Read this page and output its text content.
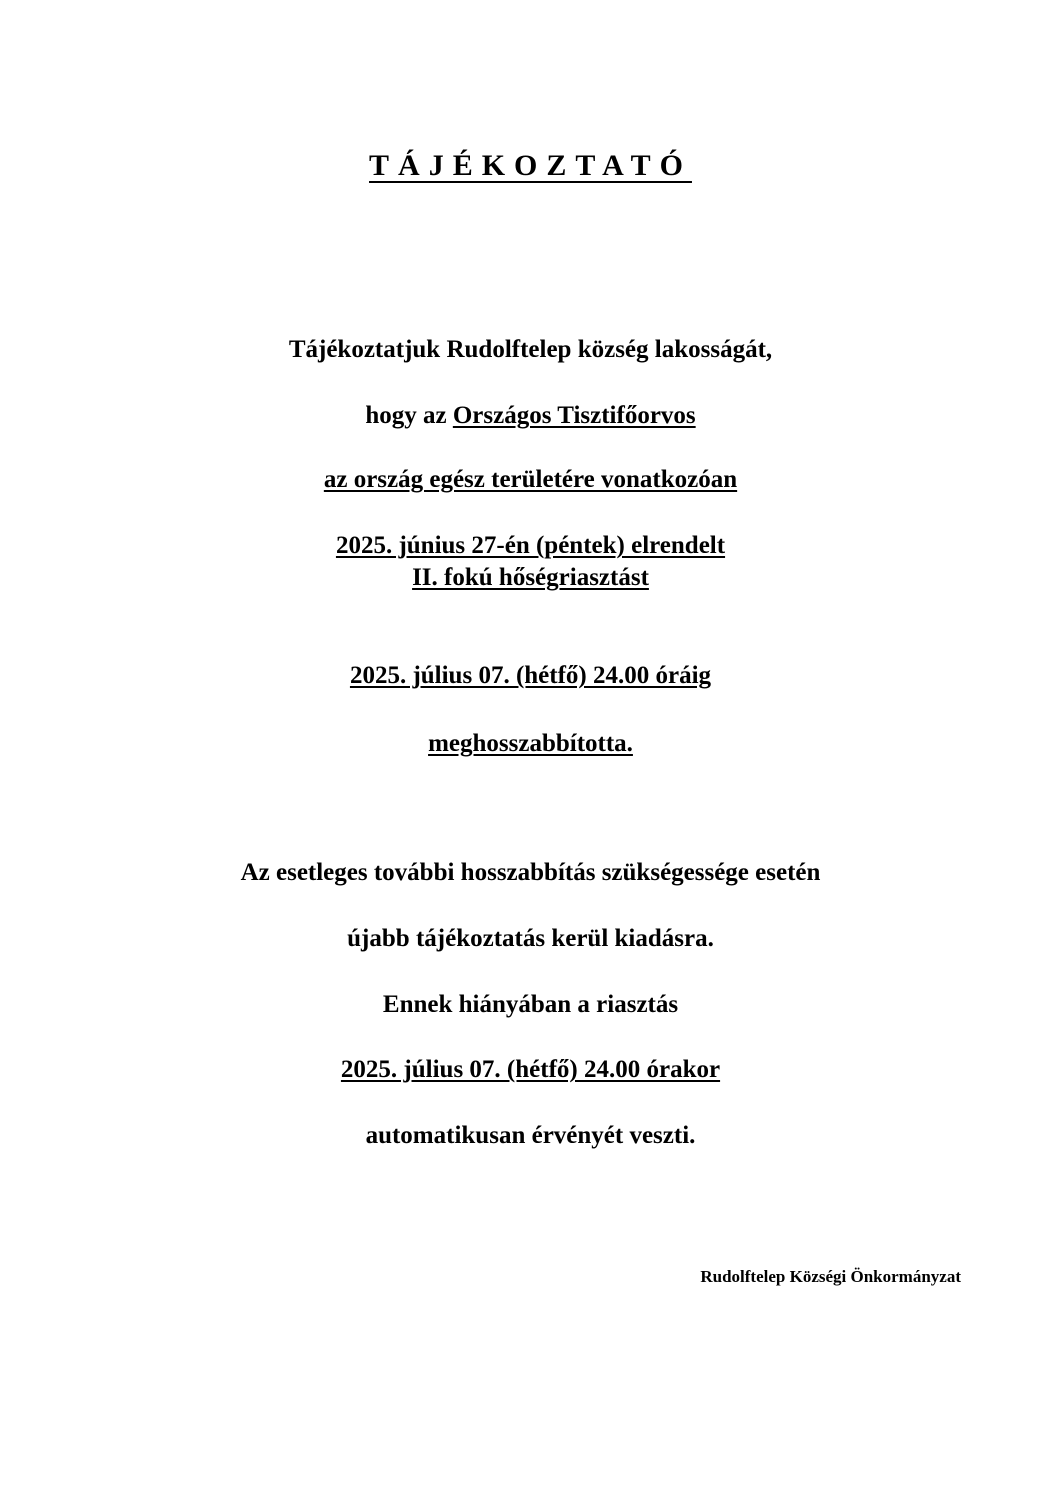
TÁJÉKOZTATÓ
Tájékoztatjuk Rudolftelep község lakosságát,
hogy az Országos Tisztifőorvos
az ország egész területére vonatkozóan
2025. június 27-én (péntek) elrendelt
II. fokú hőségriasztást
2025. július 07. (hétfő) 24.00 óráig
meghosszabbította.
Az esetleges további hosszabbítás szükségessége esetén
újabb tájékoztatás kerül kiadásra.
Ennek hiányában a riasztás
2025. július 07. (hétfő) 24.00 órakor
automatikusan érvényét veszti.
Rudolftelep Községi Önkormányzat
